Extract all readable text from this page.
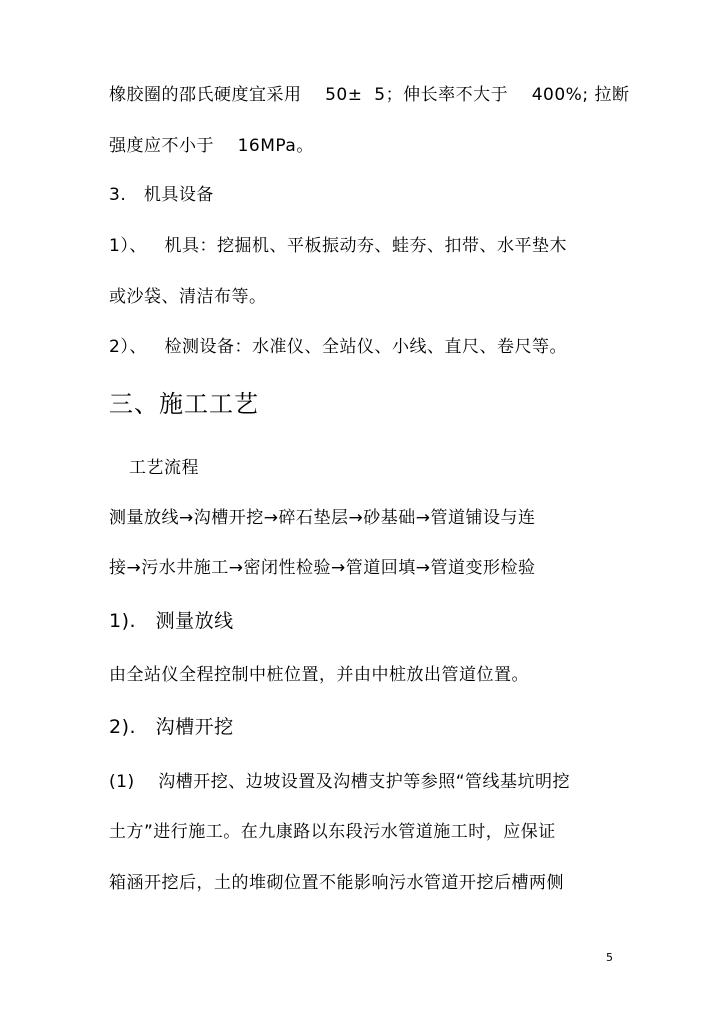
橡胶圈的邵氏硬度宜采用    50±  5；伸长率不大于    400%; 拉断
强度应不小于    16MPa。
3.   机具设备
1）、   机具：挖掘机、平板振动夯、蛙夯、扣带、水平垫木
或沙袋、清洁布等。
2）、   检测设备：水准仪、全站仪、小线、直尺、卷尺等。
三、施工工艺
工艺流程
测量放线→沟槽开挖→碎石垫层→砂基础→管道铺设与连
接→污水井施工→密闭性检验→管道回填→管道变形检验
1).   测量放线
由全站仪全程控制中桩位置，并由中桩放出管道位置。
2).   沟槽开挖
(1)    沟槽开挖、边坡设置及沟槽支护等参照“管线基坑明挖
土方”进行施工。在九康路以东段污水管道施工时，应保证
箱涵开挖后，土的堆砌位置不能影响污水管道开挖后槽两侧
5
